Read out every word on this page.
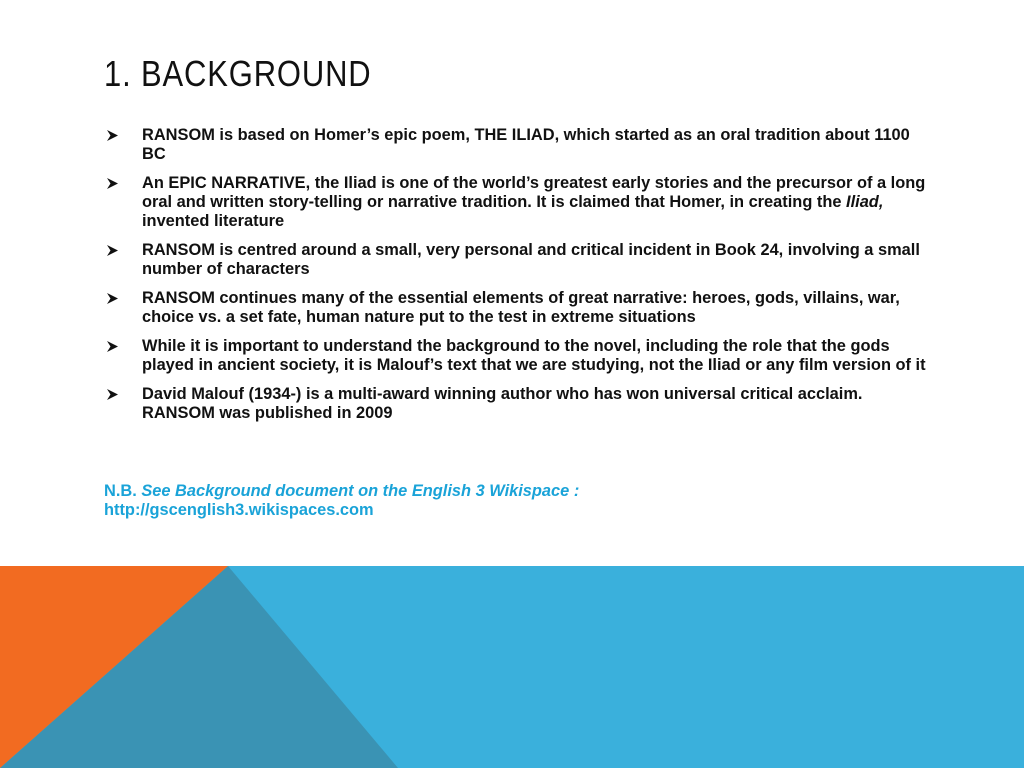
1. BACKGROUND
RANSOM is based on Homer’s epic poem, THE ILIAD, which started as an oral tradition about 1100 BC
An EPIC NARRATIVE, the Iliad is one of the world’s greatest early stories and the precursor of a long oral and written story-telling or narrative tradition. It is claimed that Homer, in creating the Iliad, invented literature
RANSOM is centred around a small, very personal and critical incident in Book 24, involving a small number of characters
RANSOM continues many of the essential elements of great narrative: heroes, gods, villains, war, choice vs. a set fate, human nature put to the test in extreme situations
While it is important to understand the background to the novel, including the role that the gods played in ancient society, it is Malouf’s text that we are studying, not the Iliad or any film version of it
David Malouf (1934-) is a multi-award winning author who has won universal critical acclaim. RANSOM was published in 2009
N.B. See Background document on the English 3 Wikispace :
http://gscenglish3.wikispaces.com
